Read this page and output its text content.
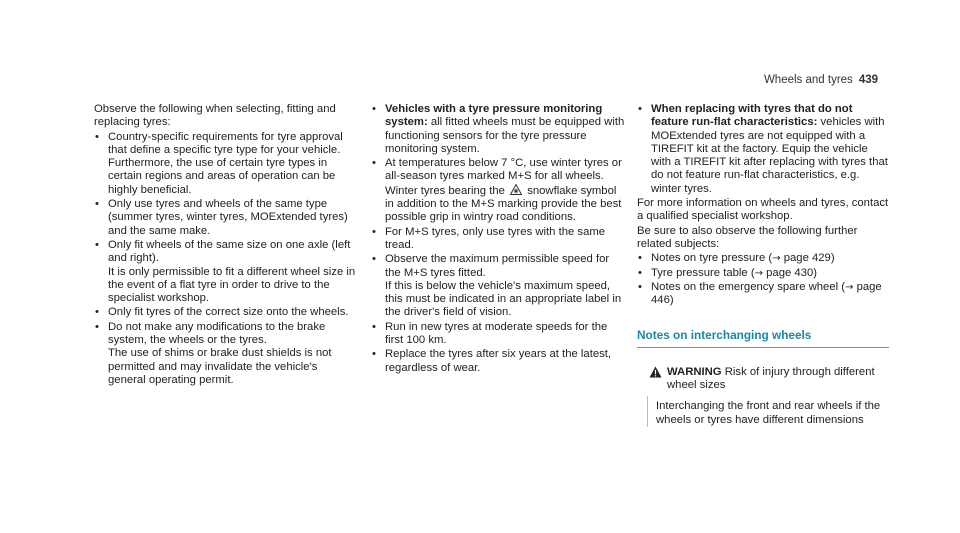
Wheels and tyres 439

Observe the following when selecting, fitting and replacing tyres:

• Country-specific requirements for tyre approval that define a specific tyre type for your vehicle.

Furthermore, the use of certain tyre types in certain regions and areas of operation can be highly beneficial.

• Only use tyres and wheels of the same type (summer tyres, winter tyres, MOExtended tyres) and the same make.

• Only fit wheels of the same size on one axle (left and right).

It is only permissible to fit a different wheel size in the event of a flat tyre in order to drive to the specialist workshop.

• Only fit tyres of the correct size onto the wheels.

• Do not make any modifications to the brake system, the wheels or the tyres.

The use of shims or brake dust shields is not permitted and may invalidate the vehicle's general operating permit.

• Vehicles with a tyre pressure monitoring system: all fitted wheels must be equipped with functioning sensors for the tyre pressure monitoring system.

• At temperatures below 7 °C, use winter tyres or all-season tyres marked M+S for all wheels.

Winter tyres bearing the snowflake symbol in addition to the M+S marking provide the best possible grip in wintry road conditions.

• For M+S tyres, only use tyres with the same tread.

• Observe the maximum permissible speed for the M+S tyres fitted.

If this is below the vehicle's maximum speed, this must be indicated in an appropriate label in the driver's field of vision.

• Run in new tyres at moderate speeds for the first 100 km.

• Replace the tyres after six years at the latest, regardless of wear.

• When replacing with tyres that do not feature run-flat characteristics: vehicles with MOExtended tyres are not equipped with a TIREFIT kit at the factory. Equip the vehicle with a TIREFIT kit after replacing with tyres that do not feature run-flat characteristics, e.g. winter tyres.

For more information on wheels and tyres, contact a qualified specialist workshop.

Be sure to also observe the following further related subjects:

• Notes on tyre pressure (→ page 429)
• Tyre pressure table (→ page 430)
• Notes on the emergency spare wheel (→ page 446)
Notes on interchanging wheels
WARNING Risk of injury through different wheel sizes
Interchanging the front and rear wheels if the wheels or tyres have different dimensions
